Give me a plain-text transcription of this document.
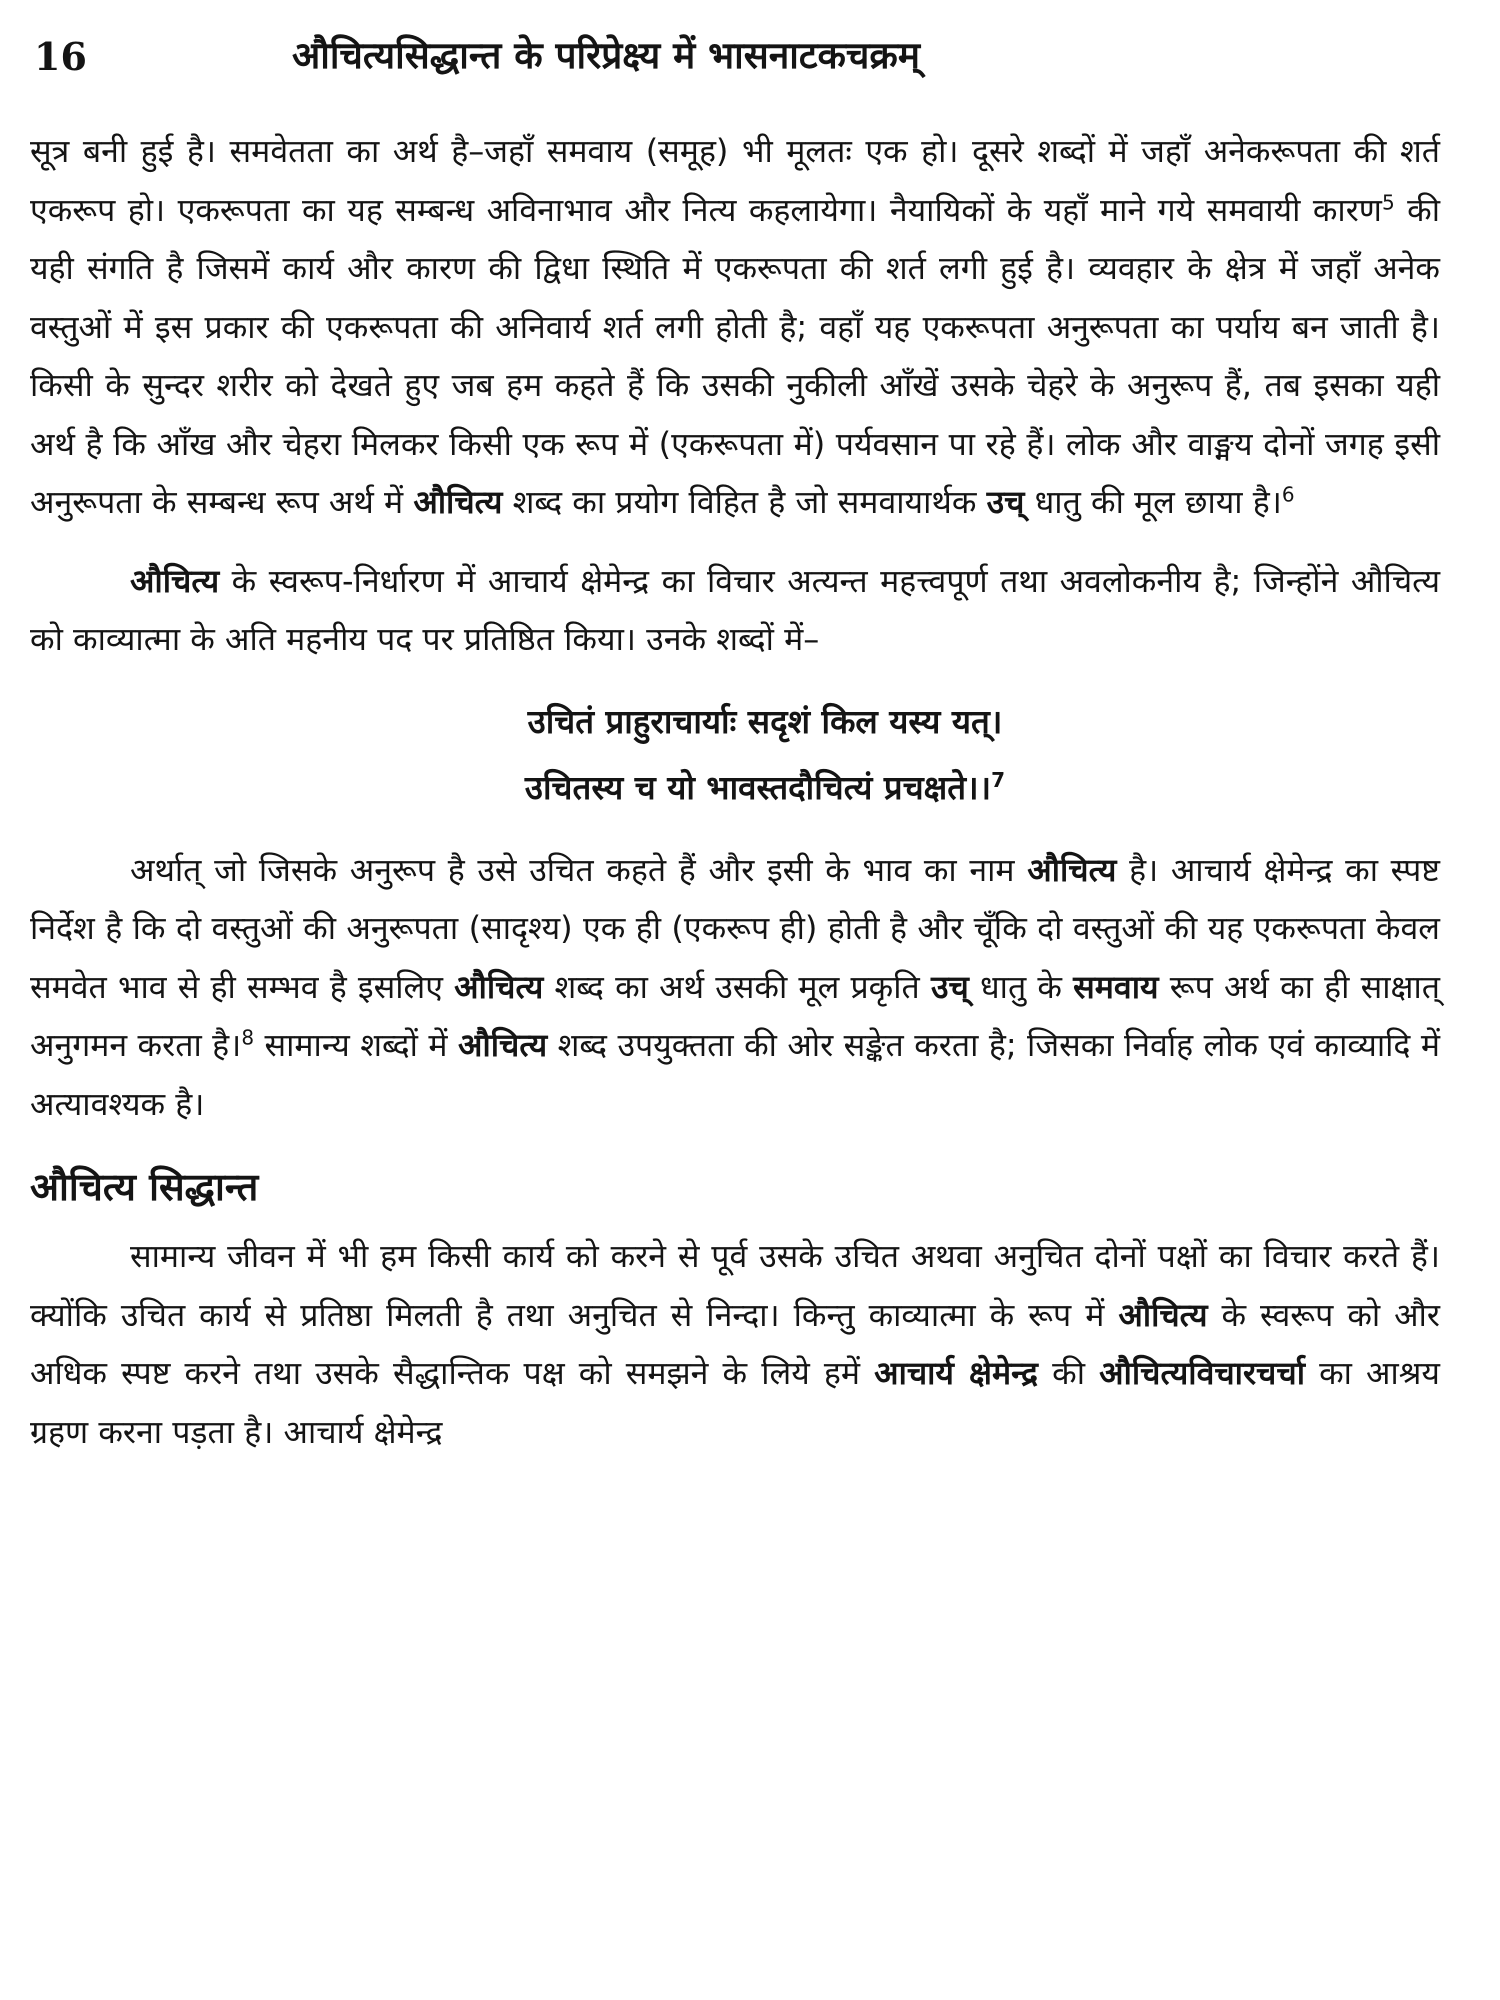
16	औचित्यसिद्धान्त के परिप्रेक्ष्य में भासनाटकचक्रम्

सूत्र बनी हुई है। समवेतता का अर्थ है–जहाँ समवाय (समूह) भी मूलतः एक हो। दूसरे शब्दों में जहाँ अनेकरूपता की शर्त एकरूप हो। एकरूपता का यह सम्बन्ध अविनाभाव और नित्य कहलायेगा। नैयायिकों के यहाँ माने गये समवायी कारण$^5$ की यही संगति है जिसमें कार्य और कारण की द्विधा स्थिति में एकरूपता की शर्त लगी हुई है। व्यवहार के क्षेत्र में जहाँ अनेक वस्तुओं में इस प्रकार की एकरूपता की अनिवार्य शर्त लगी होती है; वहाँ यह एकरूपता अनुरूपता का पर्याय बन जाती है। किसी के सुन्दर शरीर को देखते हुए जब हम कहते हैं कि उसकी नुकीली आँखें उसके चेहरे के अनुरूप हैं, तब इसका यही अर्थ है कि आँख और चेहरा मिलकर किसी एक रूप में (एकरूपता में) पर्यवसान पा रहे हैं। लोक और वाङ्मय दोनों जगह इसी अनुरूपता के सम्बन्ध रूप अर्थ में औचित्य शब्द का प्रयोग विहित है जो समवायार्थक उच् धातु की मूल छाया है।$^6$

औचित्य के स्वरूप-निर्धारण में आचार्य क्षेमेन्द्र का विचार अत्यन्त महत्त्वपूर्ण तथा अवलोकनीय है; जिन्होंने औचित्य को काव्यात्मा के अति महनीय पद पर प्रतिष्ठित किया। उनके शब्दों में–

उचितं प्राहुराचार्याः सदृशं किल यस्य यत्।
उचितस्य च यो भावस्तदौचित्यं प्रचक्षते।।$^7$

अर्थात् जो जिसके अनुरूप है उसे उचित कहते हैं और इसी के भाव का नाम औचित्य है। आचार्य क्षेमेन्द्र का स्पष्ट निर्देश है कि दो वस्तुओं की अनुरूपता (सादृश्य) एक ही (एकरूप ही) होती है और चूँकि दो वस्तुओं की यह एकरूपता केवल समवेत भाव से ही सम्भव है इसलिए औचित्य शब्द का अर्थ उसकी मूल प्रकृति उच् धातु के समवाय रूप अर्थ का ही साक्षात् अनुगमन करता है।$^8$ सामान्य शब्दों में औचित्य शब्द उपयुक्तता की ओर सङ्केत करता है; जिसका निर्वाह लोक एवं काव्यादि में अत्यावश्यक है।

औचित्य सिद्धान्त

सामान्य जीवन में भी हम किसी कार्य को करने से पूर्व उसके उचित अथवा अनुचित दोनों पक्षों का विचार करते हैं। क्योंकि उचित कार्य से प्रतिष्ठा मिलती है तथा अनुचित से निन्दा। किन्तु काव्यात्मा के रूप में औचित्य के स्वरूप को और अधिक स्पष्ट करने तथा उसके सैद्धान्तिक पक्ष को समझने के लिये हमें आचार्य क्षेमेन्द्र की औचित्यविचारचर्चा का आश्रय ग्रहण करना पड़ता है। आचार्य क्षेमेन्द्र
